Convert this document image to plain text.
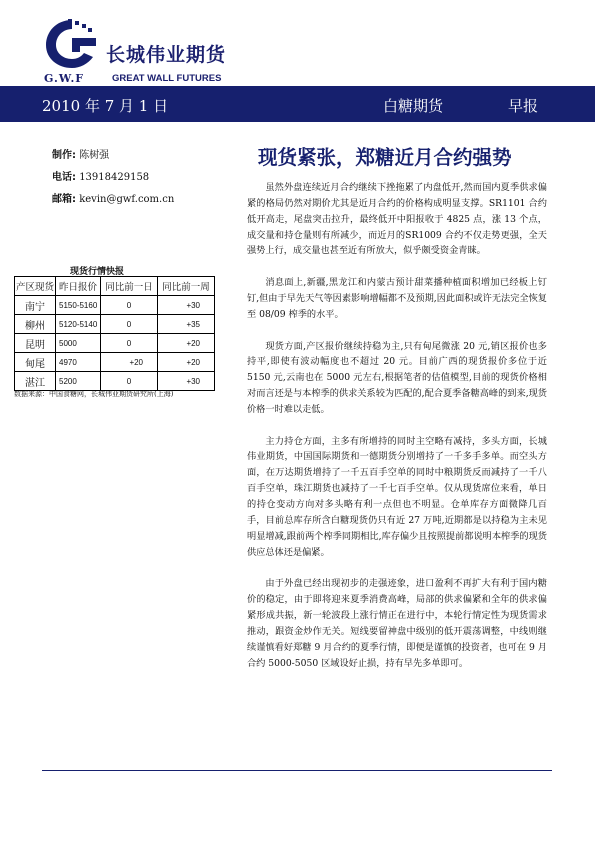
长城伟业期货
G.W.F	GREAT WALL FUTURES
2010 年 7 月 1 日	白糖期货	早报
制作: 陈树强
电话: 13918429158
邮箱: kevin@gwf.com.cn
现货紧张，郑糖近月合约强势
现货行情快报
产区现货	昨日报价	同比前一日	同比前一周
南宁	5150-5160	0	+30
柳州	5120-5140	0	+35
昆明	5000	0	+20
甸尾	4970	+20	+20
湛江	5200	0	+30
数据来源：中国食糖网，长城伟业期货研究所(上海)

虽然外盘连续近月合约继续下挫拖累了内盘低开,然而国内夏季供求偏紧的格局仍然对期价尤其是近月合约的价格构成明显支撑。SR1101 合约低开高走，尾盘突击拉升，最终低开中阳报收于 4825 点，涨 13 个点，成交量和持仓量则有所减少，而近月的SR1009 合约不仅走势更强，全天强势上行，成交量也甚至近有所放大，似乎颇受资金青睐。

消息面上,新疆,黑龙江和内蒙古预计甜菜播种植面积增加已经板上钉钉,但由于早先天气等因素影响增幅都不及预期,因此面积或许无法完全恢复至 08/09 榨季的水平。

现货方面,产区报价继续持稳为主,只有甸尾微涨 20 元,销区报价也多持平,即使有波动幅度也不超过 20 元。目前广西的现货报价多位于近 5150 元,云南也在 5000 元左右,根据笔者的估值模型,目前的现货价格相对而言还是与本榨季的供求关系较为匹配的,配合夏季备糖高峰的到来,现货价格一时难以走低。

主力持仓方面，主多有所增持的同时主空略有减持，多头方面，长城伟业期货，中国国际期货和一德期货分别增持了一千多手多单。而空头方面，在万达期货增持了一千五百手空单的同时中粮期货反而减持了一千八百手空单，珠江期货也减持了一千七百手空单。仅从现货席位来看，单日的持仓变动方向对多头略有利一点但也不明显。仓单库存方面微降几百手，目前总库存所含白糖现货仍只有近 27 万吨,近期都是以持稳为主未见明显增减,跟前两个榨季同期相比,库存偏少且按照提前都说明本榨季的现货供应总体还是偏紧。

由于外盘已经出现初步的走强迹象，进口盈利不再扩大有利于国内糖价的稳定，由于即将迎来夏季消费高峰，局部的供求偏紧和全年的供求偏紧形成共振，新一轮波段上涨行情正在进行中，本轮行情定性为现货需求推动，跟资金炒作无关。短线要留神盘中级别的低开震荡调整，中线则继续谨慎看好郑糖 9 月合约的夏季行情，即便是谨慎的投资者，也可在 9 月合约 5000-5050 区域设好止损，持有早先多单即可。
